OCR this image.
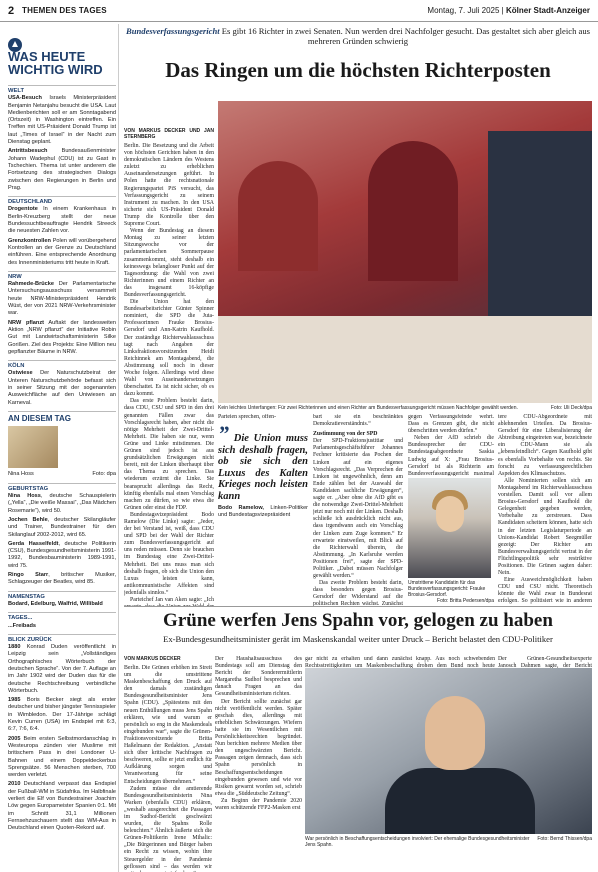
2 THEMEN DES TAGES	Montag, 7. Juli 2025 | Kölner Stadt-Anzeiger
WAS HEUTE WICHTIG WIRD
WELT

USA-Besuch Israels Ministerpräsident Benjamin Netanjahu besucht die USA. Laut Medienberichten soll er am Sonntagabend (Ortszeit) in Washington eintreffen. Ein Treffen mit US-Präsident Donald Trump ist laut „Times of Israel“ in der Nacht zum Dienstag geplant.

Antrittsbesuch Bundesaußenminister Johann Wadephul (CDU) ist zu Gast in Tschechien. Thema ist unter anderem die Fortsetzung des strategischen Dialogs zwischen den Regierungen in Berlin und Prag.

DEUTSCHLAND

Drogentote In einem Krankenhaus in Berlin-Kreuzberg stellt der neue Bundessuchtbeauftragte Hendrik Streeck die neuesten Zahlen vor.

Grenzkontrollen Polen will vorübergehend Kontrollen an der Grenze zu Deutschland einführen. Eine entsprechende Anordnung des Innenministeriums tritt heute in Kraft.

NRW

Rahmede-Brücke Der Parlamentarische Untersuchungsausschuss versammelt heute NRW-Ministerpräsident Hendrik Wüst, der von 2021 NRW-Verkehrsminister war.

NRW pflanzt Auftakt der landesweiten Aktion „NRW pflanzt“ der Initiative Robin Gut mit Landwirtschaftsministerin Silke Gorißen. Ziel des Projekts: Eine Million neu gepflanzter Bäume in NRW.

KÖLN

Ostwiese Der Naturschutzbeirat der Unteren Naturschutzbehörde befasst sich in seiner Sitzung mit der sogenannten Ausweichfläche auf den Uniwiesen an Karneval.

AN DIESEM TAG
Nina Hoss	Foto: dpa
GEBURTSTAG

Nina Hoss, deutsche Schauspielerin („Yella“, „Die weiße Massai“, „Das Mädchen Rosemarie“), wird 50.

Jochen Behle, deutscher Skilangläufer und Trainer, Bundestrainer für den Skilanglauf 2002-2012, wird 65.

Gerda Hasselfeldt, deutsche Politikerin (CSU), Bundesgesundheitsministerin 1991-1992, Bundesbauministerin 1989-1991, wird 75.

Ringo Starr, britischer Musiker, Schlagzeuger der Beatles, wird 85.

NAMENSTAG

Bodard, Edelburg, Walfrid, Willibald

TAGES...

...Freibads

BLICK ZURÜCK

1880 Konrad Duden veröffentlicht in Leipzig sein „Vollständiges Orthographisches Wörterbuch der deutschen Sprache“. Von der 7. Auflage an im Jahr 1902 wird der Duden das für die deutsche Rechtschreibung verbindliche Wörterbuch.

1985 Boris Becker siegt als erster deutscher und bisher jüngster Tennisspieler in Wimbledon. Der 17-Jährige schlägt Kevin Curren (USA) im Endspiel mit 6:3, 6:7, 7:6, 6:4.

2005 Beim ersten Selbstmordanschlag in Westeuropa zünden vier Muslime mit britischem Pass in drei Londoner U-Bahnen und einem Doppeldeckerbus Sprengsätze. 56 Menschen sterben, 700 werden verletzt.

2010 Deutschland verpasst das Endspiel der Fußball-WM in Südafrika. Im Halbfinale verliert die Elf von Bundestrainer Joachim Löw gegen Europameister Spanien 0:1. Mit im Schnitt 31,1 Millionen Fernsehzuschauern stellt das WM-Aus in Deutschland einen Quoten-Rekord auf.

Bundesverfassungsgericht Es gibt 16 Richter in zwei Senaten. Nun werden drei Nachfolger gesucht. Das gestaltet sich aber gleich aus mehreren Gründen schwierig
Das Ringen um die höchsten Richterposten
VON MARKUS DECKER UND JAN STERNBERG

Berlin. Die Besetzung und die Arbeit von höchsten Gerichten haben in den demokratischen Ländern des Westens zuletzt zu erheblichen Auseinandersetzungen geführt. In Polen hatte die rechtsnationale Regierungspartei PiS versucht, das Verfassungsgericht zu seinem Instrument zu machen. In den USA sicherte sich US-Präsident Donald Trump die Kontrolle über den Supreme Court.

Wenn der Bundestag an diesem Montag zu seiner letzten Sitzungswoche vor der parlamentarischen Sommerpause zusammenkommt, steht deshalb ein keineswegs belangloser Punkt auf der Tagesordnung: die Wahl von zwei Richterinnen und einem Richter an das insgesamt 16-köpfige Bundesverfassungsgericht.

Die Union hat den Bundesarbeitsrichter Günter Spinner nominiert, die SPD die Juta-Professorinnen Frauke Brosius-Gersdorf und Ann-Katrin Kaufhold. Der zuständige Richterwahlausschuss tagt nach Angaben der Linksfraktionsvorsitzenden Heidi Reichinnek am Montagabend, die Abstimmung soll noch in dieser Woche folgen. Allerdings wird diese Wahl von Auseinandersetzungen überschattet. Es ist nicht sicher, ob es dazu kommt.

Das erste Problem besteht darin, dass CDU, CSU und SPD in den drei genannten Fällen zwar das Vorschlagsrecht haben, aber nicht die nötige Mehrheit der Zwei-Drittel-Mehrheit. Die haben sie nur, wenn Grüne und Linke mitstimmen. Die Grünen sind jedoch ist aus grundsätzlichen Erwägungen nicht bereit, mit der Linken überhaupt über das Thema zu sprechen. Das wiederum erzürnt die Linke. Sie beansprucht allerdings das Recht, künftig ebenfalls mal einen Vorschlag machen zu dürfen, so wie etwa die Grünen oder einst die FDP.

Bundestagsvizepräsident Bodo Ramelow (Die Linke) sagte: „Jeder, der bei Verstand ist, weiß, dass CDU und SPD bei der Wahl der Richter zum Bundesverfassungsgericht auf uns reden müssen. Denn sie brauchen im Bundestag eine Zwei-Drittel-Mehrheit. Bei uns muss man sich deshalb fragen, ob sich die Union den Luxus leisten kann, antikommunistische Affekten sind jedenfalls sinnlos.“

Parteichef Jan van Aken sagte: „Ich

Foto: Uli Deck/dpa
Kein leichtes Unterfangen: Für zwei Richterinnen und einen Richter am Bundesverfassungsgericht müssen Nachfolger gewählt werden.

Parteien sprechen, offen-

” Die Union muss sich deshalb fragen, ob sie sich den Luxus des Kalten Krieges noch leisten kann
Bodo Ramelow, Linken-Politiker und Bundestagsvizepräsident

bart sie ein beschränktes Demokratieverständnis.“

Zustimmung von der SPD

Der SPD-Fraktionsjustitiar und Parlamentsgeschäftsführer Johannes Fechner kritisierte das Pochen der Linken auf ein eigenes Vorschlagsrecht. „Das Verprechen der Linken ist ungewöhnlich, denn am Ende zählen bei der Auswahl der Kandidaten sachliche Erwägungen“, sagte er. „Aber ohne die AfD gibt es die notwendige Zwei-Drittel-Mehrheit jetzt nur noch mit der Linken. Deshalb schließe ich ausdrücklich nicht aus, dass irgendwann auch ein Vorschlag der Linken zum Zuge kommen.“ Er erwartete einstweilen, mit Blick auf die Richterwahl überein, die Abstimmung. „In Karlsruhe werden Positionen frei“, sagte der SPD-Politiker. „Dabei müssen Nachfolger gewählt werden.“

Das zweite Problem besteht darin, dass besonders gegen Brosius-Gersdorf der Widerstand auf die politischen Rechten wächst. Zunächst

gegen Verfassungsfeinde wehrt. Dass es Grenzen gibt, die nicht überschritten werden dürfen.“

Neben der AfD schrieb die Bundessprecher der CDU-Bundestagsabgeordnete Saskia Ludwig auf X: „Frau Brosius-Gersdorf ist als Richterin am Bundesverfassungsgericht maximal

Umstrittene Kandidatin für das Bundesverfassungsgericht: Frauke Brosius-Gersdorf.

Foto: Britta Pedersen/dpa

tere CDU-Abgeordnete mit ablehnenden Urteilen. Da Brosius-Gersdorf für eine Liberalisierung der Abtreibung eingetreten war, bezeichnete ein CDU-Mann sie als „lebensfeindlich“. Gegen Kaufhold gibt es ebenfalls Vorbehalte von rechts. Sie forscht zu verfassungsrechtlichen Aspekten des Klimaschutzes.

Alle Nominierten sollen sich am Montagabend im Richterwahlausschuss vorstellen. Damit soll vor allem Brosius-Gersdorf und Kaufhold die Gelegenheit gegeben werden, Vorbehalte zu zerstreuen. Dass Kandidaten scheitern können, hatte sich in der letzten Legislaturperiode an Unions-Kandidat Robert Seegmüller gezeigt: Der Richter am Bundesverwaltungsgericht vertrat in der Flüchtlingspolitik sehr restriktive Positionen. Die Grünen sagten daher: Nein.

Eine Ausweichmöglichkeit haben CDU und CSU nicht. Theoretisch könnte die Wahl zwar in Bundesrat erfolgen. So politisiert wie in anderen

Grüne werfen Jens Spahn vor, gelogen zu haben
Ex-Bundesgesundheitsminister gerät im Maskenskandal weiter unter Druck – Bericht belastet den CDU-Politiker
VON MARKUS DECKER

Berlin. Die Grünen erhöhen im Streit um die umstrittene Maskenbeschaffung den Druck auf den damals zuständigen Bundesgesundheitsminister Jens Spahn (CDU). „Spätestens mit den neuen Enthüllungen muss Jens Spahn erklären, wie und warum er persönlich so eng in die Maskendeals eingebunden war“, sagte die Grünen-Fraktionsvorsitzende Britta Haßelmann der Redaktion. „Anstatt sich über kritische Nachfragen zu beschweren, sollte er jetzt endlich für Aufklärung sorgen und Verantwortung für seine Entscheidungen übernehmen.“

Zudem müsse die amtierende Bundesgesundheitsministerin Nina Warken (ebenfalls CDU) erklären, „weshalb ausgerechnet die Passagen im Sudhof-Bericht geschwärzt wurden, die Spahns Rolle beleuchten.“ Ähnlich äußerte sich die Grünen-Politikerin Irene Mihalic: „Die Bürgerinnen und Bürger haben ein Recht zu wissen, wohin ihre Steuergelder in der Pandemie geflossen sind – das werden wir

Der Haushaltsausschuss des Bundestags soll am Dienstag den Bericht der Sonderermittlerin Margaretha Sudhof besprechen und danach Fragen an das Gesundheitsministerium richten.

Der Bericht sollte zunächst gar nicht veröffentlicht werden. Später geschah dies, allerdings mit erheblichen Schwärzungen. Wiefern hatte sie im Wesentlichen mit Persönlichkeitsrechten begründet. Nun berichten mehrere Medien über den ungeschwärzten Bericht. Passagen zeigen demnach, dass sich Spahn persönlich in Beschaffungsentscheidungen eingebunden gewesen und wie vor Risiken gewarnt worden sei, schrieb etwa die „Süddeutsche Zeitung“.

Zu Beginn der Pandemie 2020 waren schützende FFP2-Masken erst

gar nicht zu erhalten und dann zunächst knapp. Aus noch schwebenden Rechtsstreitigkeiten um Maskenbeschaffung drohen dem Bund noch heute

Foto: Bernd Thissen/dpa
War persönlich in Beschaffungsentscheidungen involviert: Der ehemalige Bundesgesundheitsminister Jens Spahn.

Der Grünen-Gesundheitsexperte Janosch Dahmen sagte, der Bericht
